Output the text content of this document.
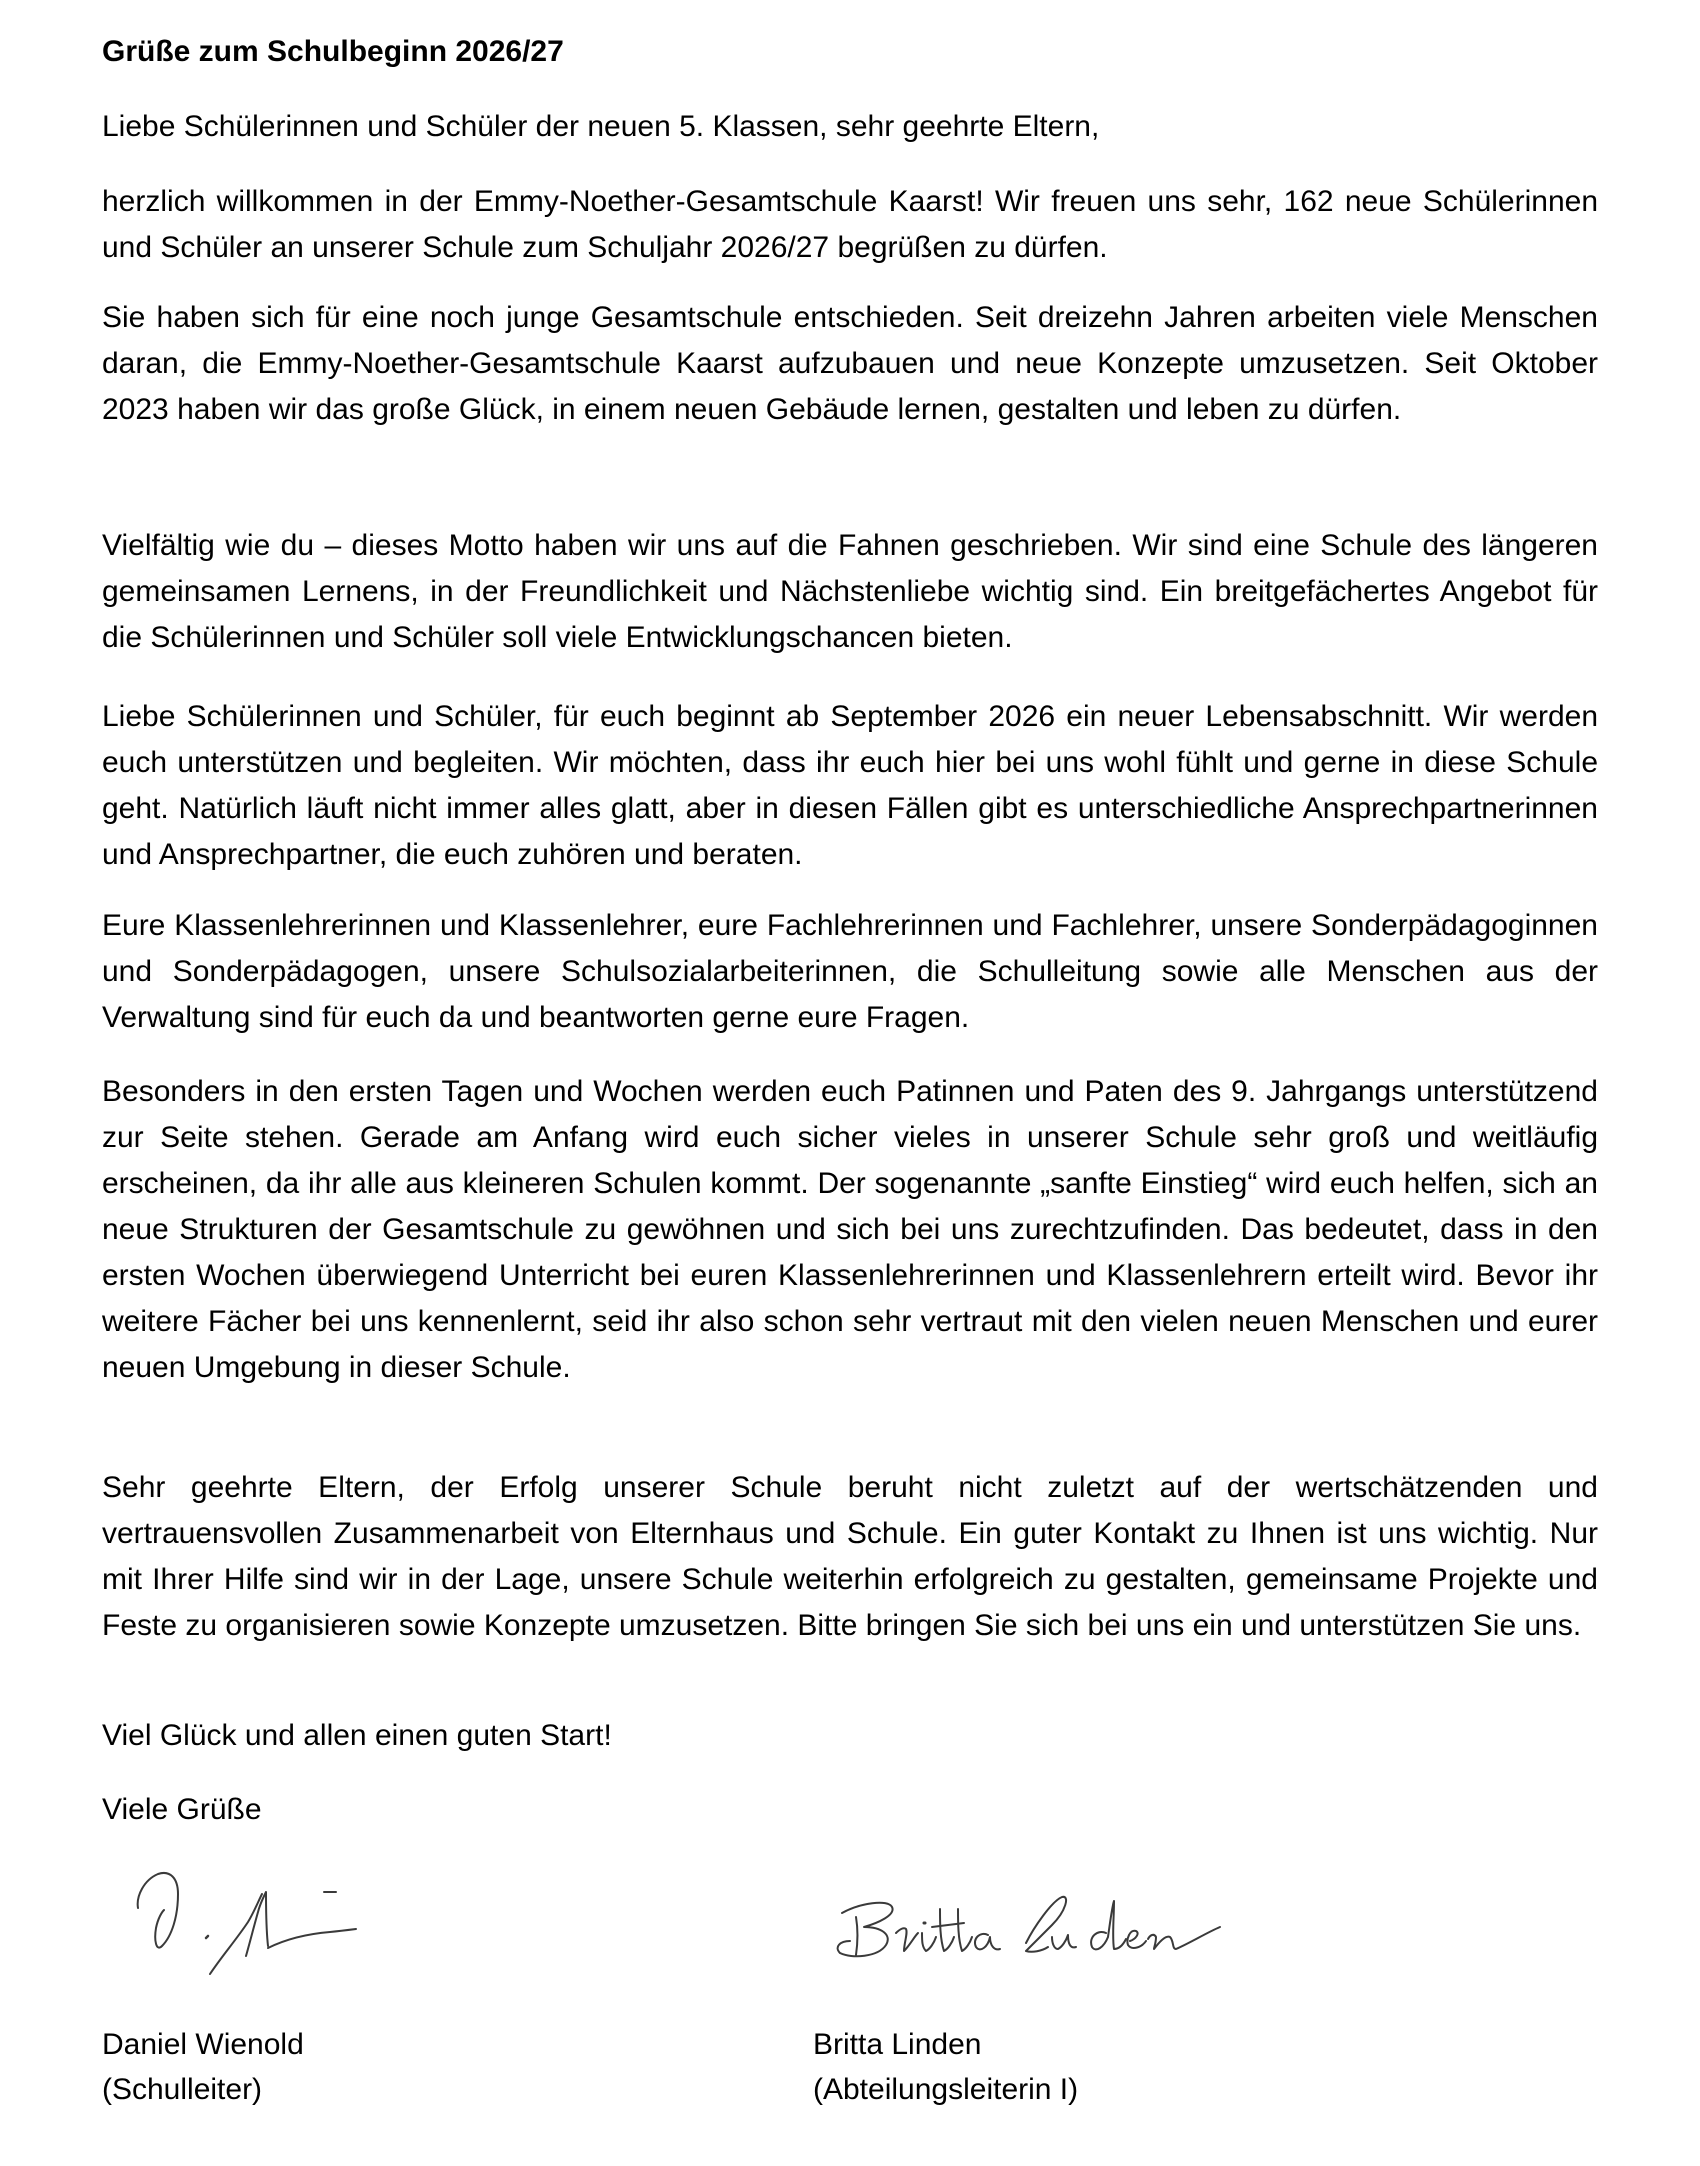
Grüße zum Schulbeginn 2026/27

Liebe Schülerinnen und Schüler der neuen 5. Klassen, sehr geehrte Eltern,

herzlich willkommen in der Emmy-Noether-Gesamtschule Kaarst! Wir freuen uns sehr, 162 neue Schülerinnen und Schüler an unserer Schule zum Schuljahr 2026/27 begrüßen zu dürfen.

Sie haben sich für eine noch junge Gesamtschule entschieden. Seit dreizehn Jahren arbeiten viele Menschen daran, die Emmy-Noether-Gesamtschule Kaarst aufzubauen und neue Konzepte umzusetzen. Seit Oktober 2023 haben wir das große Glück, in einem neuen Gebäude lernen, gestalten und leben zu dürfen.

Vielfältig wie du – dieses Motto haben wir uns auf die Fahnen geschrieben. Wir sind eine Schule des längeren gemeinsamen Lernens, in der Freundlichkeit und Nächstenliebe wichtig sind. Ein breitgefächertes Angebot für die Schülerinnen und Schüler soll viele Entwicklungschancen bieten.

Liebe Schülerinnen und Schüler, für euch beginnt ab September 2026 ein neuer Lebensabschnitt. Wir werden euch unterstützen und begleiten. Wir möchten, dass ihr euch hier bei uns wohl fühlt und gerne in diese Schule geht. Natürlich läuft nicht immer alles glatt, aber in diesen Fällen gibt es unterschiedliche Ansprechpartnerinnen und Ansprechpartner, die euch zuhören und beraten.

Eure Klassenlehrerinnen und Klassenlehrer, eure Fachlehrerinnen und Fachlehrer, unsere Sonderpädagoginnen und Sonderpädagogen, unsere Schulsozialarbeiterinnen, die Schulleitung sowie alle Menschen aus der Verwaltung sind für euch da und beantworten gerne eure Fragen.

Besonders in den ersten Tagen und Wochen werden euch Patinnen und Paten des 9. Jahrgangs unterstützend zur Seite stehen. Gerade am Anfang wird euch sicher vieles in unserer Schule sehr groß und weitläufig erscheinen, da ihr alle aus kleineren Schulen kommt. Der sogenannte „sanfte Einstieg“ wird euch helfen, sich an neue Strukturen der Gesamtschule zu gewöhnen und sich bei uns zurechtzufinden. Das bedeutet, dass in den ersten Wochen überwiegend Unterricht bei euren Klassenlehrerinnen und Klassenlehrern erteilt wird. Bevor ihr weitere Fächer bei uns kennenlernt, seid ihr also schon sehr vertraut mit den vielen neuen Menschen und eurer neuen Umgebung in dieser Schule.

Sehr geehrte Eltern, der Erfolg unserer Schule beruht nicht zuletzt auf der wertschätzenden und vertrauensvollen Zusammenarbeit von Elternhaus und Schule. Ein guter Kontakt zu Ihnen ist uns wichtig. Nur mit Ihrer Hilfe sind wir in der Lage, unsere Schule weiterhin erfolgreich zu gestalten, gemeinsame Projekte und Feste zu organisieren sowie Konzepte umzusetzen. Bitte bringen Sie sich bei uns ein und unterstützen Sie uns.

Viel Glück und allen einen guten Start!

Viele Grüße

Daniel Wienold
(Schulleiter)
Britta Linden
(Abteilungsleiterin I)
